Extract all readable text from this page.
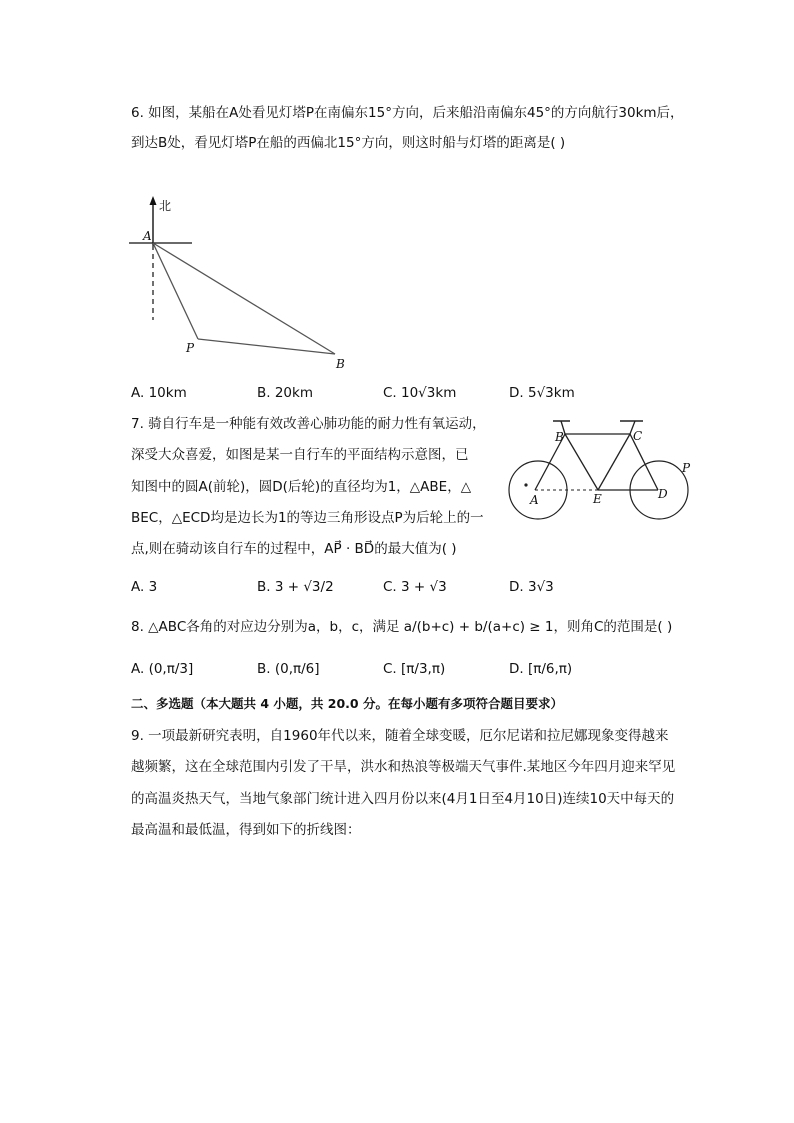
6. 如图，某船在A处看见灯塔P在南偏东15°方向，后来船沿南偏东45°的方向航行30km后，
到达B处，看见灯塔P在船的西偏北15°方向，则这时船与灯塔的距离是( )
北
A
P
B
A. 10km	B. 20km	C. 10√3km	D. 5√3km
7. 骑自行车是一种能有效改善心肺功能的耐力性有氧运动，
深受大众喜爱，如图是某一自行车的平面结构示意图，已
知图中的圆A(前轮)，圆D(后轮)的直径均为1，△ABE，△
BEC，△ECD均是边长为1的等边三角形设点P为后轮上的一
点,则在骑动该自行车的过程中，AP⃗ · BD⃗的最大值为( )
B	C
A	E	D
P
A. 3	B. 3 + √3/2	C. 3 + √3	D. 3√3
8. △ABC各角的对应边分别为a，b，c，满足 a/(b+c) + b/(a+c) ≥ 1，则角C的范围是( )
A. (0,π/3]	B. (0,π/6]	C. [π/3,π)	D. [π/6,π)
二、多选题（本大题共 4 小题，共 20.0 分。在每小题有多项符合题目要求）
9. 一项最新研究表明，自1960年代以来，随着全球变暖，厄尔尼诺和拉尼娜现象变得越来
越频繁，这在全球范围内引发了干旱，洪水和热浪等极端天气事件.某地区今年四月迎来罕见
的高温炎热天气，当地气象部门统计进入四月份以来(4月1日至4月10日)连续10天中每天的
最高温和最低温，得到如下的折线图：
